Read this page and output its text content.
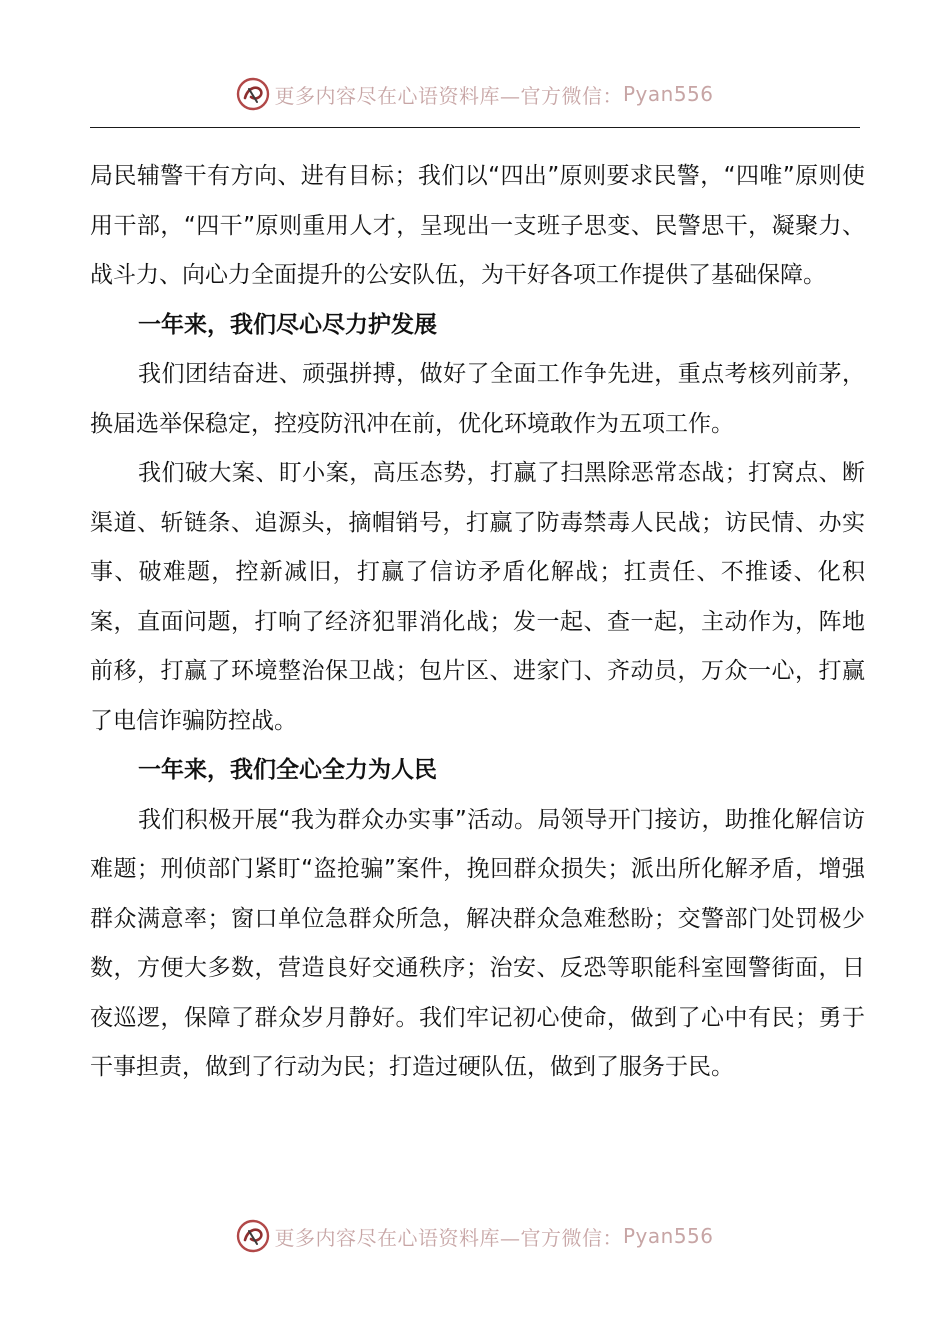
更多内容尽在心语资料库—官方微信： Pyan556

局民辅警干有方向、进有目标；我们以“四出”原则要求民警，“四唯”原则使用干部，“四干”原则重用人才，呈现出一支班子思变、民警思干，凝聚力、战斗力、向心力全面提升的公安队伍，为干好各项工作提供了基础保障。

一年来，我们尽心尽力护发展

我们团结奋进、顽强拼搏，做好了全面工作争先进，重点考核列前茅，换届选举保稳定，控疫防汛冲在前，优化环境敢作为五项工作。

我们破大案、盯小案，高压态势，打赢了扫黑除恶常态战；打窝点、断渠道、斩链条、追源头，摘帽销号，打赢了防毒禁毒人民战；访民情、办实事、破难题，控新减旧，打赢了信访矛盾化解战；扛责任、不推诿、化积案，直面问题，打响了经济犯罪消化战；发一起、查一起，主动作为，阵地前移，打赢了环境整治保卫战；包片区、进家门、齐动员，万众一心，打赢了电信诈骗防控战。

一年来，我们全心全力为人民

我们积极开展“我为群众办实事”活动。局领导开门接访，助推化解信访难题；刑侦部门紧盯“盗抢骗”案件，挽回群众损失；派出所化解矛盾，增强群众满意率；窗口单位急群众所急，解决群众急难愁盼；交警部门处罚极少数，方便大多数，营造良好交通秩序；治安、反恐等职能科室囤警街面，日夜巡逻，保障了群众岁月静好。我们牢记初心使命，做到了心中有民；勇于干事担责，做到了行动为民；打造过硬队伍，做到了服务于民。

更多内容尽在心语资料库—官方微信： Pyan556
